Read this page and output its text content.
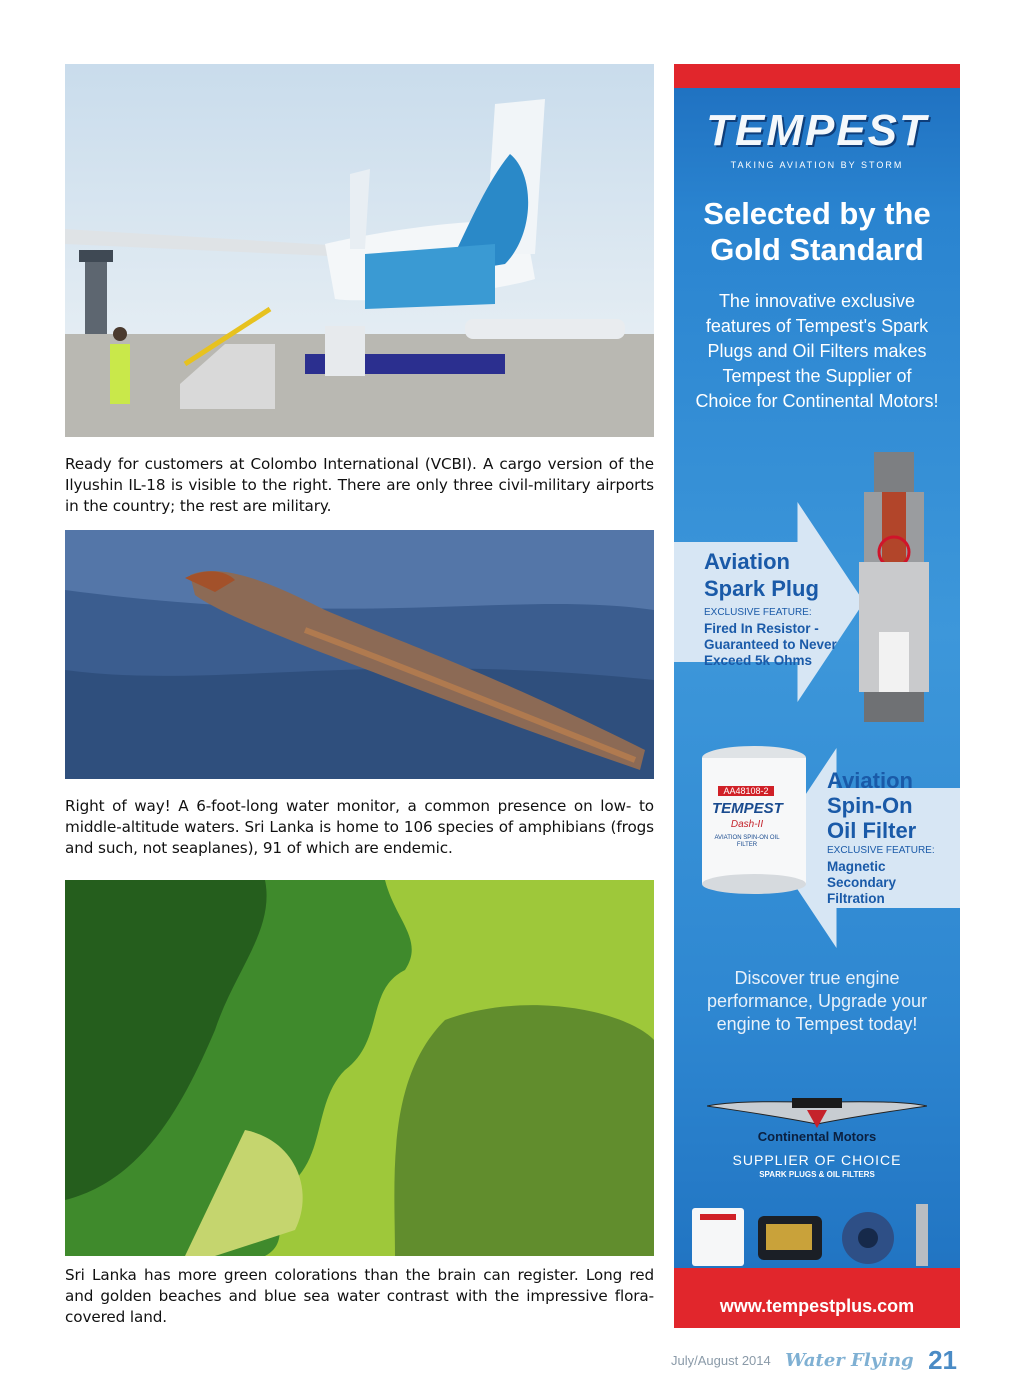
Ready for customers at Colombo International (VCBI). A cargo version of the Ilyushin IL-18 is visible to the right. There are only three civil-military airports in the country; the rest are military.
Right of way! A 6-foot-long water monitor, a common presence on low- to middle-altitude waters. Sri Lanka is home to 106 species of amphibians (frogs and such, not seaplanes), 91 of which are endemic.
Sri Lanka has more green colorations than the brain can register. Long red and golden beaches and blue sea water contrast with the impressive flora-covered land.
TEMPEST
TAKING AVIATION BY STORM
Selected by the
Gold Standard
The innovative exclusive features of Tempest's Spark Plugs and Oil Filters makes Tempest the Supplier of Choice for Continental Motors!
Aviation
Spark Plug
EXCLUSIVE FEATURE:
Fired In Resistor - Guaranteed to Never Exceed 5k Ohms
AA48108-2
TEMPEST
Dash-II
AVIATION SPIN-ON OIL FILTER
Aviation
Spin-On
Oil Filter
EXCLUSIVE FEATURE:
Magnetic Secondary Filtration
Discover true engine performance, Upgrade your engine to Tempest today!
Continental Motors
SUPPLIER OF CHOICE
SPARK PLUGS & OIL FILTERS
www.tempestplus.com
July/August 2014 Water Flying 21
